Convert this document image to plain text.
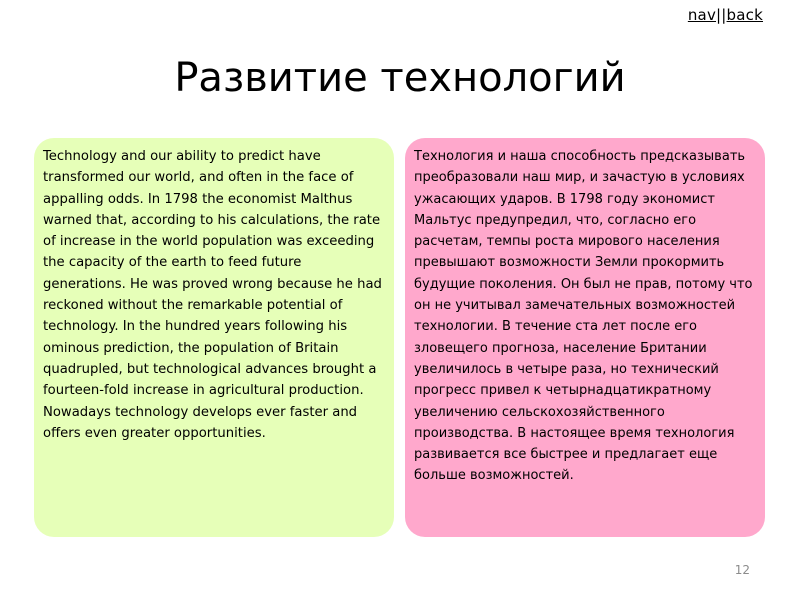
nav||back
Развитие технологий
Technology and our ability to predict have transformed our world, and often in the face of appalling odds. In 1798 the economist Malthus warned that, according to his calculations, the rate of increase in the world population was exceeding the capacity of the earth to feed future generations. He was proved wrong because he had reckoned without the remarkable potential of technology. In the hundred years following his ominous prediction, the population of Britain quadrupled, but technological advances brought a fourteen-fold increase in agricultural production. Nowadays technology develops ever faster and offers even greater opportunities.
Технология и наша способность предсказывать преобразовали наш мир, и зачастую в условиях ужасающих ударов. В 1798 году экономист Мальтус предупредил, что, согласно его расчетам, темпы роста мирового населения превышают возможности Земли прокормить будущие поколения. Он был не прав, потому что он не учитывал замечательных возможностей технологии. В течение ста лет после его зловещего прогноза, население Британии увеличилось в четыре раза, но технический прогресс привел к четырнадцатикратному увеличению сельскохозяйственного производства. В настоящее время технология развивается все быстрее и предлагает еще больше возможностей.
12
